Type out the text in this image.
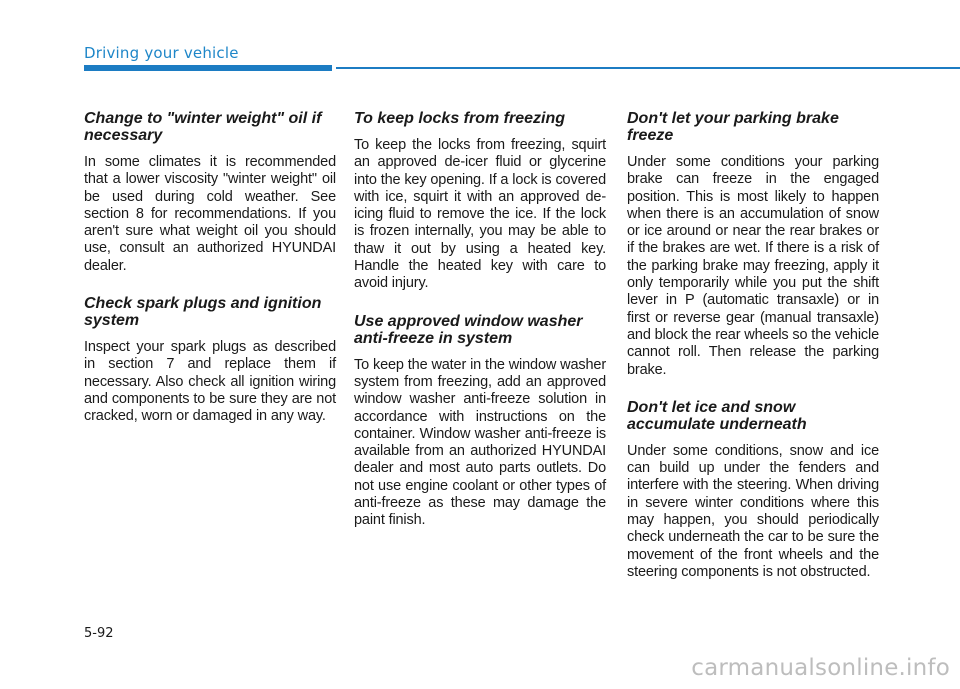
Driving your vehicle
Change to "winter weight" oil if necessary

In some climates it is recommended that a lower viscosity "winter weight" oil be used during cold weather. See section 8 for recommendations. If you aren't sure what weight oil you should use, consult an authorized HYUNDAI dealer.

Check spark plugs and ignition system

Inspect your spark plugs as described in section 7 and replace them if necessary. Also check all ignition wiring and components to be sure they are not cracked, worn or damaged in any way.

To keep locks from freezing

To keep the locks from freezing, squirt an approved de-icer fluid or glycerine into the key opening. If a lock is covered with ice, squirt it with an approved de-icing fluid to remove the ice. If the lock is frozen internally, you may be able to thaw it out by using a heated key. Handle the heated key with care to avoid injury.

Use approved window washer anti-freeze in system

To keep the water in the window washer system from freezing, add an approved window washer anti-freeze solution in accordance with instructions on the container. Window washer anti-freeze is available from an authorized HYUNDAI dealer and most auto parts outlets. Do not use engine coolant or other types of anti-freeze as these may damage the paint finish.

Don't let your parking brake freeze

Under some conditions your parking brake can freeze in the engaged position. This is most likely to happen when there is an accumulation of snow or ice around or near the rear brakes or if the brakes are wet. If there is a risk of the parking brake may freezing, apply it only temporarily while you put the shift lever in P (automatic transaxle) or in first or reverse gear (manual transaxle) and block the rear wheels so the vehicle cannot roll. Then release the parking brake.

Don't let ice and snow accumulate underneath

Under some conditions, snow and ice can build up under the fenders and interfere with the steering. When driving in severe winter conditions where this may happen, you should periodically check underneath the car to be sure the movement of the front wheels and the steering components is not obstructed.

5-92
carmanualsonline.info
